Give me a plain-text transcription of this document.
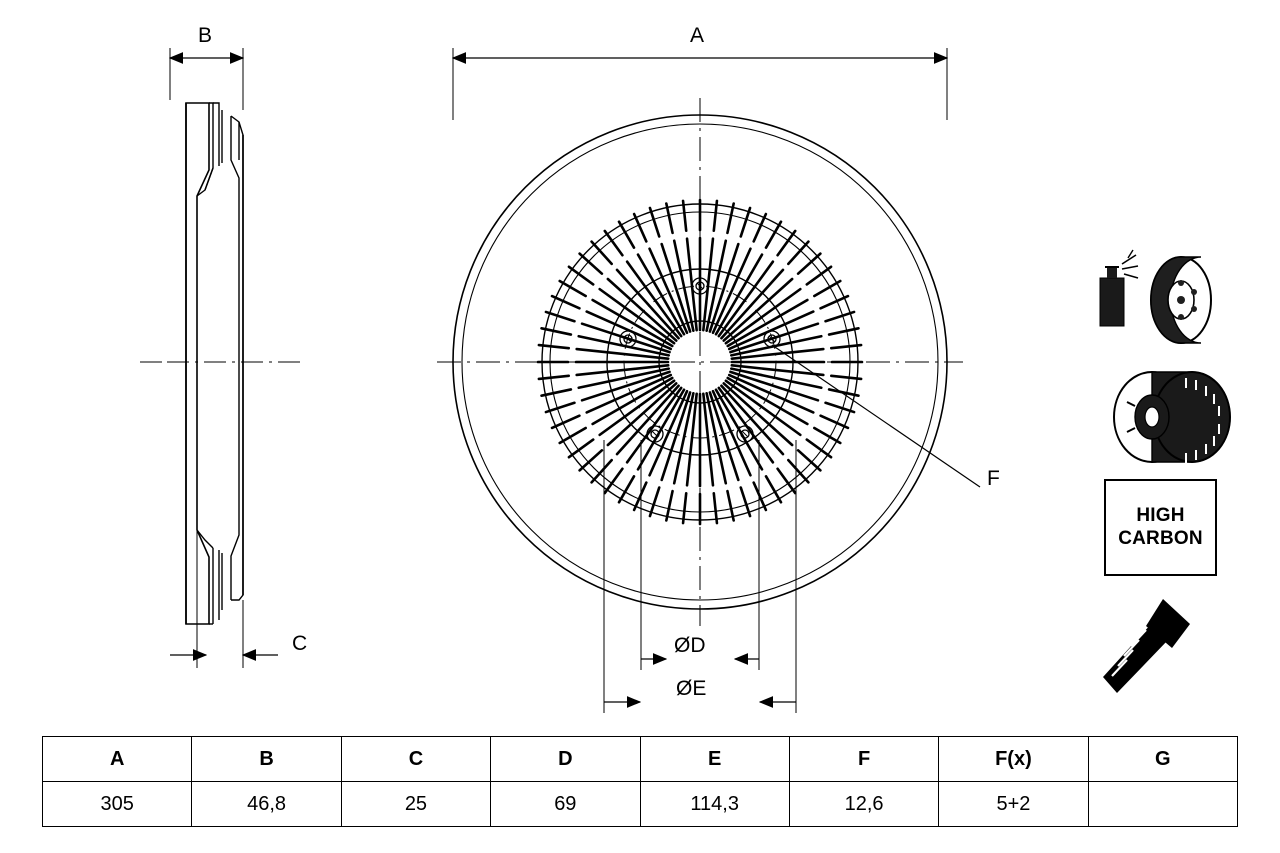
B
C
A
ØD
ØE
F
HIGH
CARBON
A	B	C	D	E	F	F(x)	G
305	46,8	25	69	114,3	12,6	5+2	
